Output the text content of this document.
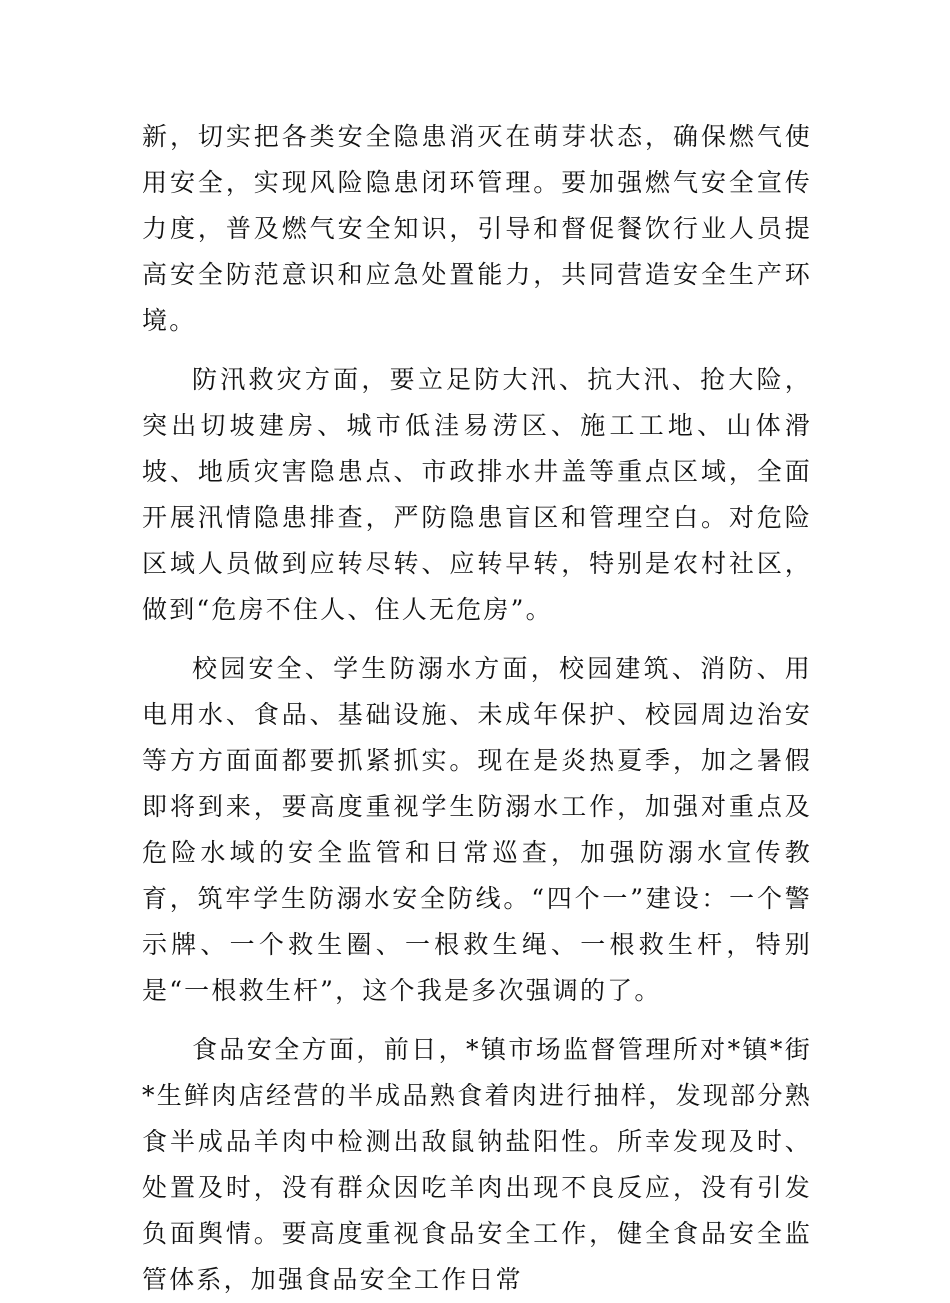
新，切实把各类安全隐患消灭在萌芽状态，确保燃气使用安全，实现风险隐患闭环管理。要加强燃气安全宣传力度，普及燃气安全知识，引导和督促餐饮行业人员提高安全防范意识和应急处置能力，共同营造安全生产环境。

防汛救灾方面，要立足防大汛、抗大汛、抢大险，突出切坡建房、城市低洼易涝区、施工工地、山体滑坡、地质灾害隐患点、市政排水井盖等重点区域，全面开展汛情隐患排查，严防隐患盲区和管理空白。对危险区域人员做到应转尽转、应转早转，特别是农村社区，做到“危房不住人、住人无危房”。

校园安全、学生防溺水方面，校园建筑、消防、用电用水、食品、基础设施、未成年保护、校园周边治安等方方面面都要抓紧抓实。现在是炎热夏季，加之暑假即将到来，要高度重视学生防溺水工作，加强对重点及危险水域的安全监管和日常巡查，加强防溺水宣传教育，筑牢学生防溺水安全防线。“四个一”建设：一个警示牌、一个救生圈、一根救生绳、一根救生杆，特别是“一根救生杆”，这个我是多次强调的了。

食品安全方面，前日，*镇市场监督管理所对*镇*街*生鲜肉店经营的半成品熟食着肉进行抽样，发现部分熟食半成品羊肉中检测出敌鼠钠盐阳性。所幸发现及时、处置及时，没有群众因吃羊肉出现不良反应，没有引发负面舆情。要高度重视食品安全工作，健全食品安全监管体系，加强食品安全工作日常
